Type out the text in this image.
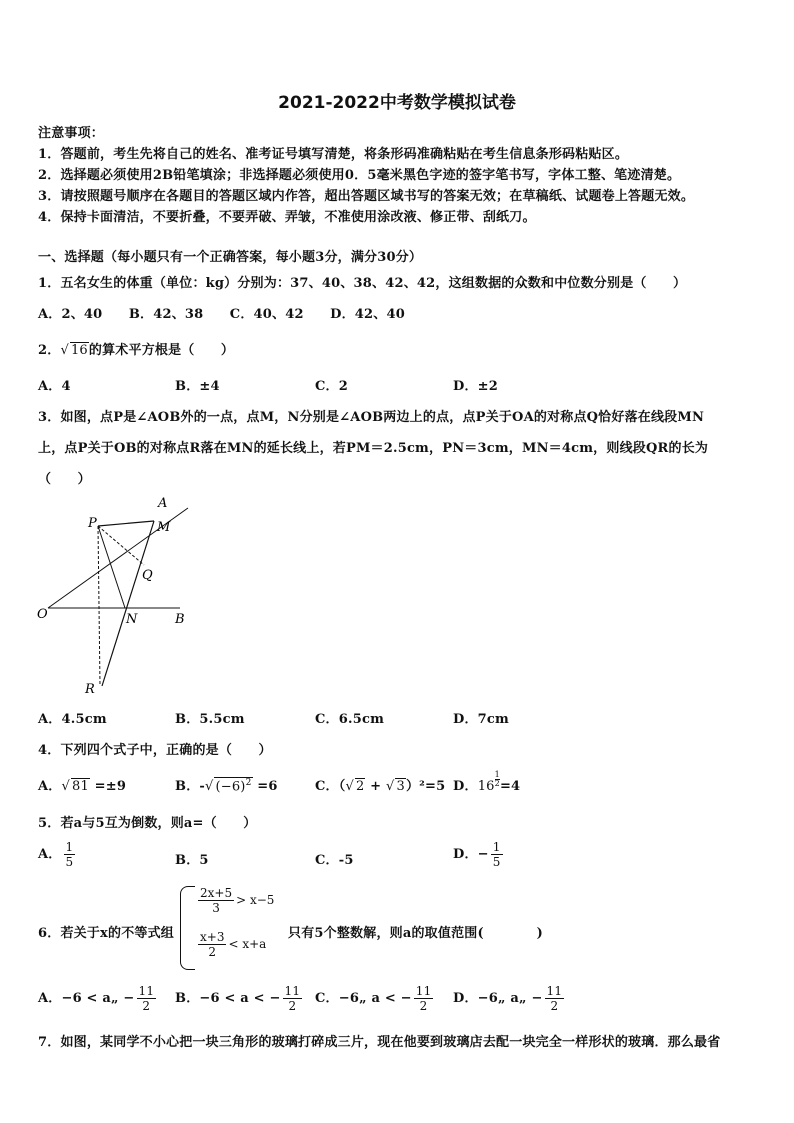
2021-2022中考数学模拟试卷
注意事项：
1．答题前，考生先将自己的姓名、准考证号填写清楚，将条形码准确粘贴在考生信息条形码粘贴区。
2．选择题必须使用2B铅笔填涂；非选择题必须使用0．5毫米黑色字迹的签字笔书写，字体工整、笔迹清楚。
3．请按照题号顺序在各题目的答题区域内作答，超出答题区域书写的答案无效；在草稿纸、试题卷上答题无效。
4．保持卡面清洁，不要折叠，不要弄破、弄皱，不准使用涂改液、修正带、刮纸刀。
一、选择题（每小题只有一个正确答案，每小题3分，满分30分）
1．五名女生的体重（单位：kg）分别为：37、40、38、42、42，这组数据的众数和中位数分别是（　　）
A．2、40　　B．42、38　　C．40、42　　D．42、40
2．√ 16的算术平方根是（　　）
A．4	B．±4	C．2	D．±2
3．如图，点P是∠AOB外的一点，点M，N分别是∠AOB两边上的点，点P关于OA的对称点Q恰好落在线段MN
上，点P关于OB的对称点R落在MN的延长线上，若PM＝2.5cm，PN＝3cm，MN＝4cm，则线段QR的长为
（　　）
A
P	M
Q
O	N	B
R
A．4.5cm	B．5.5cm	C．6.5cm	D．7cm
4．下列四个式子中，正确的是（　　）
A．√ 81 =±9	B．-√ $(-6)^2 =6$	C．（√ 2 + √ 3）²=5 D．$16 \frac{1}{2} =4$
5．若a与5互为倒数，则a=（　　）
A． $\frac{1}{5}$	B．5	C．-5	D．− $\frac{1}{5}$
6．若关于x的不等式组
$\frac{2x+5}{3} > x-5$
$\frac{x+3}{2} < x+a$
只有5个整数解，则a的取值范围(　　　　)
A．−6 < a„ − $\frac{11}{2}$ B．−6 < a < − $\frac{11}{2}$ C．−6„ a < − $\frac{11}{2}$ D．−6„ a„ − $\frac{11}{2}$
7．如图，某同学不小心把一块三角形的玻璃打碎成三片，现在他要到玻璃店去配一块完全一样形状的玻璃．那么最省
